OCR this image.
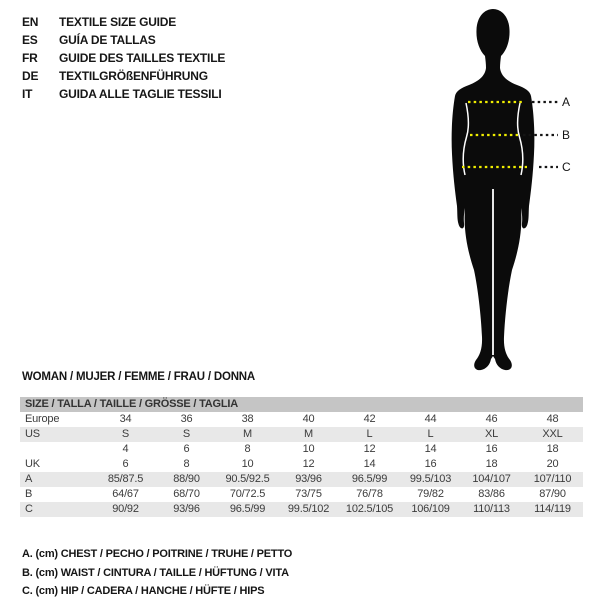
EN	TEXTILE SIZE GUIDE
ES	GUÍA DE TALLAS
FR	GUIDE DES TAILLES TEXTILE
DE	TEXTILGRÖßENFÜHRUNG
IT	GUIDA ALLE TAGLIE TESSILI
A
B
C
WOMAN / MUJER / FEMME / FRAU / DONNA
SIZE / TALLA / TAILLE / GRÖSSE / TAGLIA
Europe	34	36	38	40	42	44	46	48
US	S	S	M	M	L	L	XL	XXL
	4	6	8	10	12	14	16	18
UK	6	8	10	12	14	16	18	20
A	85/87.5	88/90	90.5/92.5	93/96	96.5/99	99.5/103	104/107	107/110
B	64/67	68/70	70/72.5	73/75	76/78	79/82	83/86	87/90
C	90/92	93/96	96.5/99	99.5/102	102.5/105	106/109	110/113	114/119
A. (cm) CHEST / PECHO / POITRINE / TRUHE / PETTO
B. (cm) WAIST / CINTURA / TAILLE / HÜFTUNG / VITA
C. (cm) HIP / CADERA / HANCHE / HÜFTE / HIPS
